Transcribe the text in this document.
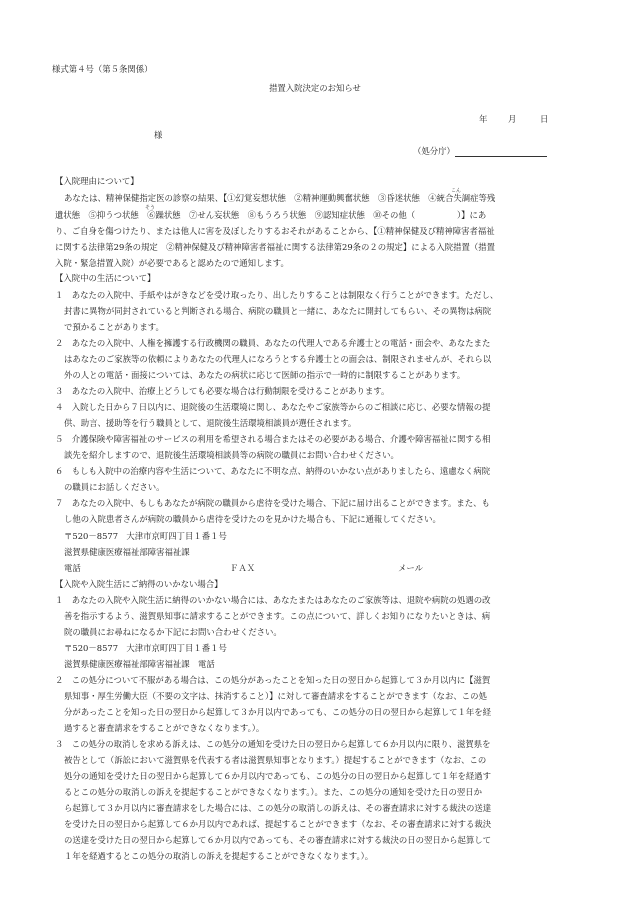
様式第４号（第５条関係）
措置入院決定のお知らせ
年 月	日
様
（処分庁）
【入院理由について】
こん
あなたは、精神保健指定医の診察の結果、【①幻覚妄想状態　②精神運動興奮状態　③昏迷状態　④統合失調症等残
そう
遺状態　⑤抑うつ状態　⑥躁状態　⑦せん妄状態　⑧もうろう状態　⑨認知症状態　⑩その他（　　　　　）】にあ
り、ご自身を傷つけたり、または他人に害を及ぼしたりするおそれがあることから、【①精神保健及び精神障害者福祉
に関する法律第29条の規定　②精神保健及び精神障害者福祉に関する法律第29条の２の規定】による入院措置（措置
入院・緊急措置入院）が必要であると認めたので通知します。
【入院中の生活について】
１　あなたの入院中、手紙やはがきなどを受け取ったり、出したりすることは制限なく行うことができます。ただし、
封書に異物が同封されていると判断される場合、病院の職員と一緒に、あなたに開封してもらい、その異物は病院
で預かることがあります。
２　あなたの入院中、人権を擁護する行政機関の職員、あなたの代理人である弁護士との電話・面会や、あなたまた
はあなたのご家族等の依頼によりあなたの代理人になろうとする弁護士との面会は、制限されませんが、それら以
外の人との電話・面接については、あなたの病状に応じて医師の指示で一時的に制限することがあります。
３　あなたの入院中、治療上どうしても必要な場合は行動制限を受けることがあります。
４　入院した日から７日以内に、退院後の生活環境に関し、あなたやご家族等からのご相談に応じ、必要な情報の提
供、助言、援助等を行う職員として、退院後生活環境相談員が選任されます。
５　介護保険や障害福祉のサービスの利用を希望される場合またはその必要がある場合、介護や障害福祉に関する相
談先を紹介しますので、退院後生活環境相談員等の病院の職員にお問い合わせください。
６　もしも入院中の治療内容や生活について、あなたに不明な点、納得のいかない点がありましたら、遠慮なく病院
の職員にお話しください。
７　あなたの入院中、もしもあなたが病院の職員から虐待を受けた場合、下記に届け出ることができます。また、も
し他の入院患者さんが病院の職員から虐待を受けたのを見かけた場合も、下記に通報してください。
〒520－8577　大津市京町四丁目１番１号
滋賀県健康医療福祉部障害福祉課
電話	ＦＡＸ	メール
【入院や入院生活にご納得のいかない場合】
１　あなたの入院や入院生活に納得のいかない場合には、あなたまたはあなたのご家族等は、退院や病院の処遇の改
善を指示するよう、滋賀県知事に請求することができます。この点について、詳しくお知りになりたいときは、病
院の職員にお尋ねになるか下記にお問い合わせください。
〒520－8577　大津市京町四丁目１番１号
滋賀県健康医療福祉部障害福祉課　電話
２　この処分について不服がある場合は、この処分があったことを知った日の翌日から起算して３か月以内に【滋賀
県知事・厚生労働大臣（不要の文字は、抹消すること）】に対して審査請求をすることができます（なお、この処
分があったことを知った日の翌日から起算して３か月以内であっても、この処分の日の翌日から起算して１年を経
過すると審査請求をすることができなくなります。）。
３　この処分の取消しを求める訴えは、この処分の通知を受けた日の翌日から起算して６か月以内に限り、滋賀県を
被告として（訴訟において滋賀県を代表する者は滋賀県知事となります。）提起することができます（なお、この
処分の通知を受けた日の翌日から起算して６か月以内であっても、この処分の日の翌日から起算して１年を経過す
るとこの処分の取消しの訴えを提起することができなくなります。）。また、この処分の通知を受けた日の翌日か
ら起算して３か月以内に審査請求をした場合には、この処分の取消しの訴えは、その審査請求に対する裁決の送達
を受けた日の翌日から起算して６か月以内であれば、提起することができます（なお、その審査請求に対する裁決
の送達を受けた日の翌日から起算して６か月以内であっても、その審査請求に対する裁決の日の翌日から起算して
１年を経過するとこの処分の取消しの訴えを提起することができなくなります。）。
